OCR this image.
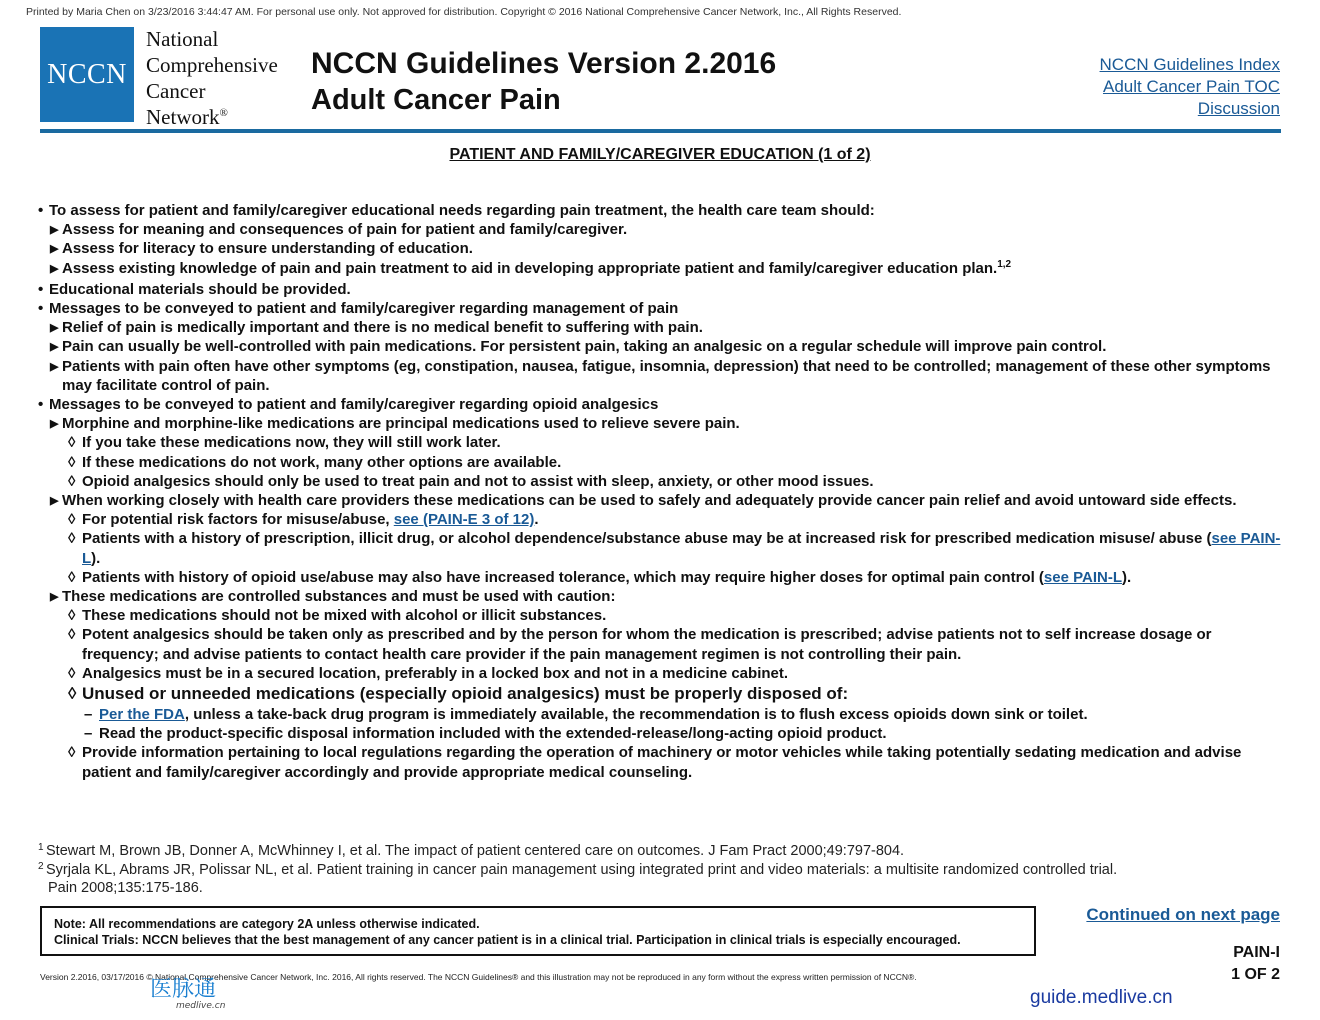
Printed by Maria Chen on 3/23/2016 3:44:47 AM. For personal use only. Not approved for distribution. Copyright © 2016 National Comprehensive Cancer Network, Inc., All Rights Reserved.
NCCN
National
Comprehensive
Cancer
Network®
NCCN Guidelines Version 2.2016
Adult Cancer Pain
NCCN Guidelines Index
Adult Cancer Pain TOC
Discussion
PATIENT AND FAMILY/CAREGIVER EDUCATION (1 of 2)
• To assess for patient and family/caregiver educational needs regarding pain treatment, the health care team should:
▶ Assess for meaning and consequences of pain for patient and family/caregiver.
▶ Assess for literacy to ensure understanding of education.
▶ Assess existing knowledge of pain and pain treatment to aid in developing appropriate patient and family/caregiver education plan.$^{1,2}$
• Educational materials should be provided.
• Messages to be conveyed to patient and family/caregiver regarding management of pain
▶ Relief of pain is medically important and there is no medical benefit to suffering with pain.
▶ Pain can usually be well-controlled with pain medications. For persistent pain, taking an analgesic on a regular schedule will improve pain control.
▶ Patients with pain often have other symptoms (eg, constipation, nausea, fatigue, insomnia, depression) that need to be controlled; management of these other symptoms may facilitate control of pain.
• Messages to be conveyed to patient and family/caregiver regarding opioid analgesics
▶ Morphine and morphine-like medications are principal medications used to relieve severe pain.
◊ If you take these medications now, they will still work later.
◊ If these medications do not work, many other options are available.
◊ Opioid analgesics should only be used to treat pain and not to assist with sleep, anxiety, or other mood issues.
▶ When working closely with health care providers these medications can be used to safely and adequately provide cancer pain relief and avoid untoward side effects.
◊ For potential risk factors for misuse/abuse, see (PAIN-E 3 of 12).
◊ Patients with a history of prescription, illicit drug, or alcohol dependence/substance abuse may be at increased risk for prescribed medication misuse/ abuse (see PAIN-L).
◊ Patients with history of opioid use/abuse may also have increased tolerance, which may require higher doses for optimal pain control (see PAIN-L).
▶ These medications are controlled substances and must be used with caution:
◊ These medications should not be mixed with alcohol or illicit substances.
◊ Potent analgesics should be taken only as prescribed and by the person for whom the medication is prescribed; advise patients not to self increase dosage or frequency; and advise patients to contact health care provider if the pain management regimen is not controlling their pain.
◊ Analgesics must be in a secured location, preferably in a locked box and not in a medicine cabinet.
◊ Unused or unneeded medications (especially opioid analgesics) must be properly disposed of:
– Per the FDA, unless a take-back drug program is immediately available, the recommendation is to flush excess opioids down sink or toilet.
– Read the product-specific disposal information included with the extended-release/long-acting opioid product.
◊ Provide information pertaining to local regulations regarding the operation of machinery or motor vehicles while taking potentially sedating medication and advise patient and family/caregiver accordingly and provide appropriate medical counseling.
1 Stewart M, Brown JB, Donner A, McWhinney I, et al. The impact of patient centered care on outcomes. J Fam Pract 2000;49:797-804.
2 Syrjala KL, Abrams JR, Polissar NL, et al. Patient training in cancer pain management using integrated print and video materials: a multisite randomized controlled trial.
Pain 2008;135:175-186.
Note: All recommendations are category 2A unless otherwise indicated.
Clinical Trials: NCCN believes that the best management of any cancer patient is in a clinical trial. Participation in clinical trials is especially encouraged.
Continued on next page
PAIN-I
1 OF 2
Version 2.2016, 03/17/2016 © National Comprehensive Cancer Network, Inc. 2016, All rights reserved. The NCCN Guidelines® and this illustration may not be reproduced in any form without the express written permission of NCCN®.
医脉通
medlive.cn	guide.medlive.cn
